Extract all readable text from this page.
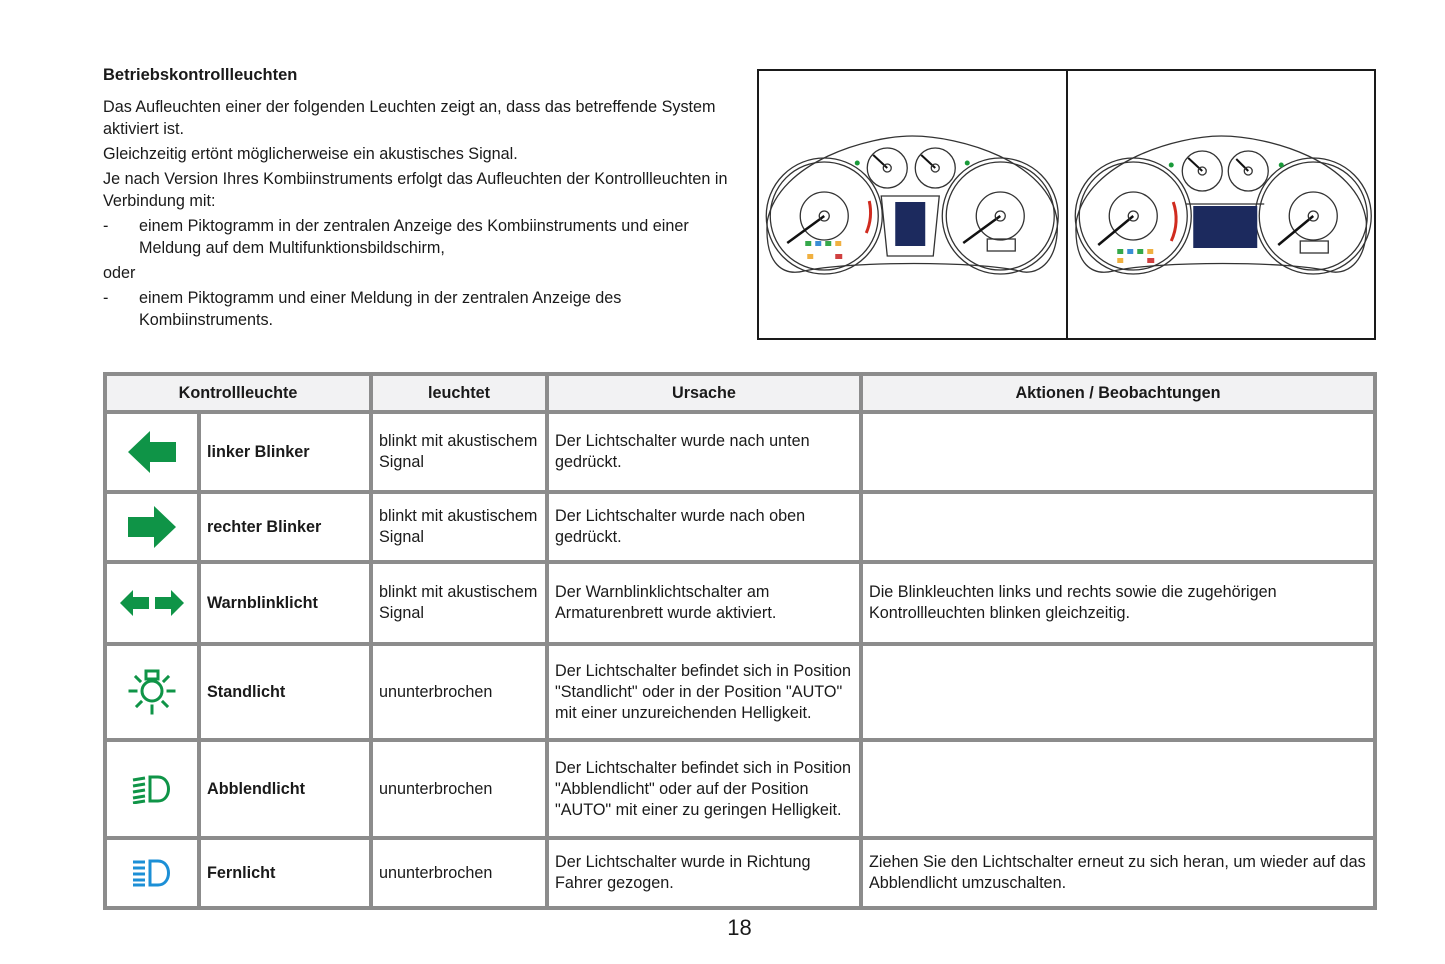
Betriebskontrollleuchten

Das Aufleuchten einer der folgenden Leuchten zeigt an, dass das betreffende System aktiviert ist.

Gleichzeitig ertönt möglicherweise ein akustisches Signal.

Je nach Version Ihres Kombiinstruments erfolgt das Aufleuchten der Kontrollleuchten in Verbindung mit:

-	einem Piktogramm in der zentralen Anzeige des Kombiinstruments und einer Meldung auf dem Multifunktionsbildschirm,

oder

-	einem Piktogramm und einer Meldung in der zentralen Anzeige des Kombiinstruments.
Kontrollleuchte		leuchtet	Ursache	Aktionen / Beobachtungen

	linker Blinker	blinkt mit akustischem Signal	Der Lichtschalter wurde nach unten gedrückt.	

	rechter Blinker	blinkt mit akustischem Signal	Der Lichtschalter wurde nach oben gedrückt.	

	Warnblinklicht	blinkt mit akustischem Signal	Der Warnblinklichtschalter am Armaturenbrett wurde aktiviert.	Die Blinkleuchten links und rechts sowie die zugehörigen Kontrollleuchten blinken gleichzeitig.

	Standlicht	ununterbrochen	Der Lichtschalter befindet sich in Position "Standlicht" oder in der Position "AUTO" mit einer unzureichenden Helligkeit.	

	Abblendlicht	ununterbrochen	Der Lichtschalter befindet sich in Position "Abblendlicht" oder auf der Position "AUTO" mit einer zu geringen Helligkeit.	

	Fernlicht	ununterbrochen	Der Lichtschalter wurde in Richtung Fahrer gezogen.	Ziehen Sie den Lichtschalter erneut zu sich heran, um wieder auf das Abblendlicht umzuschalten.
18
